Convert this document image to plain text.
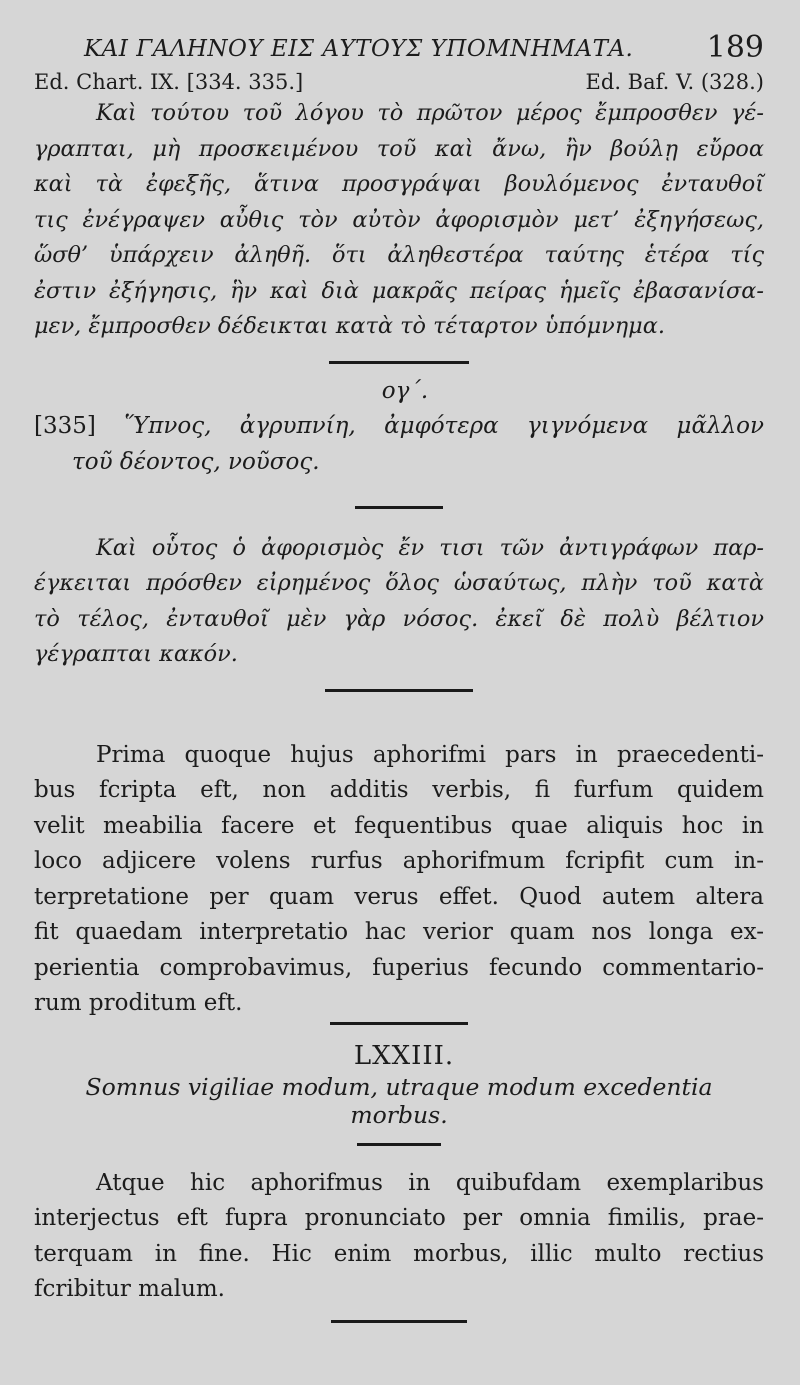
ΚΑΙ ΓΑΛΗΝΟΥ ΕΙΣ ΑΥΤΟΥΣ ΥΠΟΜΝΗΜΑΤΑ. 189
Ed. Chart. IX. [334. 335.]	Ed. Baf. V. (328.)
Καὶ τούτου τοῦ λόγου τὸ πρῶτον μέρος ἔμπροσθεν γέ-
γραπται, μὴ προσκειμένου τοῦ καὶ ἄνω, ἢν βούλῃ εὔροα
καὶ τὰ ἐφεξῆς, ἅτινα προσγράψαι βουλόμενος ἐνταυθοῖ
τις ἐνέγραψεν αὖθις τὸν αὐτὸν ἀφορισμὸν μετ’ ἐξηγήσεως,
ὥσθ’ ὑπάρχειν ἀληθῆ. ὅτι ἀληθεστέρα ταύτης ἑτέρα τίς
ἐστιν ἐξήγησις, ἣν καὶ διὰ μακρᾶς πείρας ἡμεῖς ἐβασανίσα-
μεν, ἔμπροσθεν δέδεικται κατὰ τὸ τέταρτον ὑπόμνημα.
ογ΄.
[335] Ὕπνος, ἀγρυπνίη, ἀμφότερα γιγνόμενα μᾶλλον
τοῦ δέοντος, νοῦσος.
Καὶ οὗτος ὁ ἀφορισμὸς ἔν τισι τῶν ἀντιγράφων παρ-
έγκειται πρόσθεν εἰρημένος ὅλος ὡσαύτως, πλὴν τοῦ κατὰ
τὸ τέλος, ἐνταυθοῖ μὲν γὰρ νόσος. ἐκεῖ δὲ πολὺ βέλτιον
γέγραπται κακόν.
Prima quoque hujus aphorifmi pars in praecedenti-
bus fcripta eft, non additis verbis, fi furfum quidem
velit meabilia facere et fequentibus quae aliquis hoc in
loco adjicere volens rurfus aphorifmum fcripfit cum in-
terpretatione per quam verus effet. Quod autem altera
fit quaedam interpretatio hac verior quam nos longa ex-
perientia comprobavimus, fuperius fecundo commentario-
rum proditum eft.
LXXIII.
Somnus vigiliae modum, utraque modum excedentia morbus.
Atque hic aphorifmus in quibufdam exemplaribus
interjectus eft fupra pronunciato per omnia fimilis, prae-
terquam in fine. Hic enim morbus, illic multo rectius
fcribitur malum.
